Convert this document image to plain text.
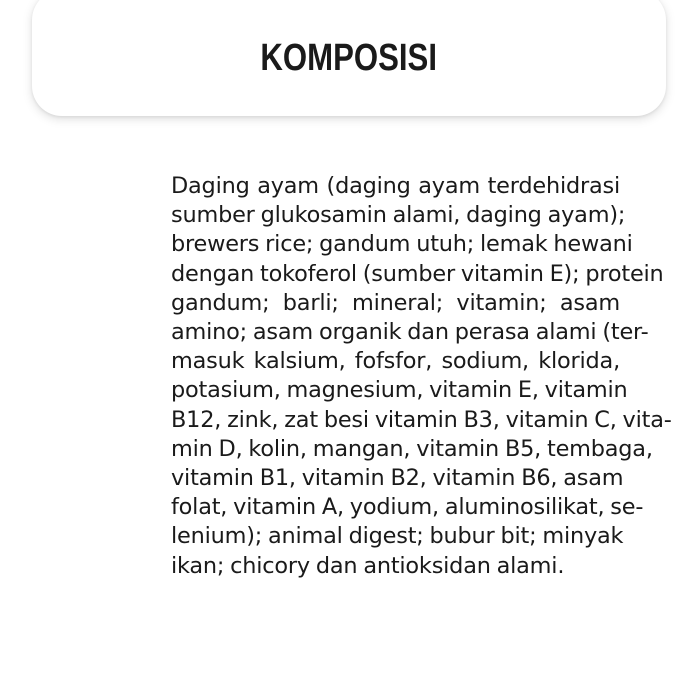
KOMPOSISI
Daging ayam (daging ayam terdehidrasi
sumber glukosamin alami, daging ayam);
brewers rice; gandum utuh; lemak hewani
dengan tokoferol (sumber vitamin E); protein
gandum; barli; mineral; vitamin; asam
amino; asam organik dan perasa alami (ter-
masuk kalsium, fofsfor, sodium, klorida,
potasium, magnesium, vitamin E, vitamin
B12, zink, zat besi vitamin B3, vitamin C, vita-
min D, kolin, mangan, vitamin B5, tembaga,
vitamin B1, vitamin B2, vitamin B6, asam
folat, vitamin A, yodium, aluminosilikat, se-
lenium); animal digest; bubur bit; minyak
ikan; chicory dan antioksidan alami.
